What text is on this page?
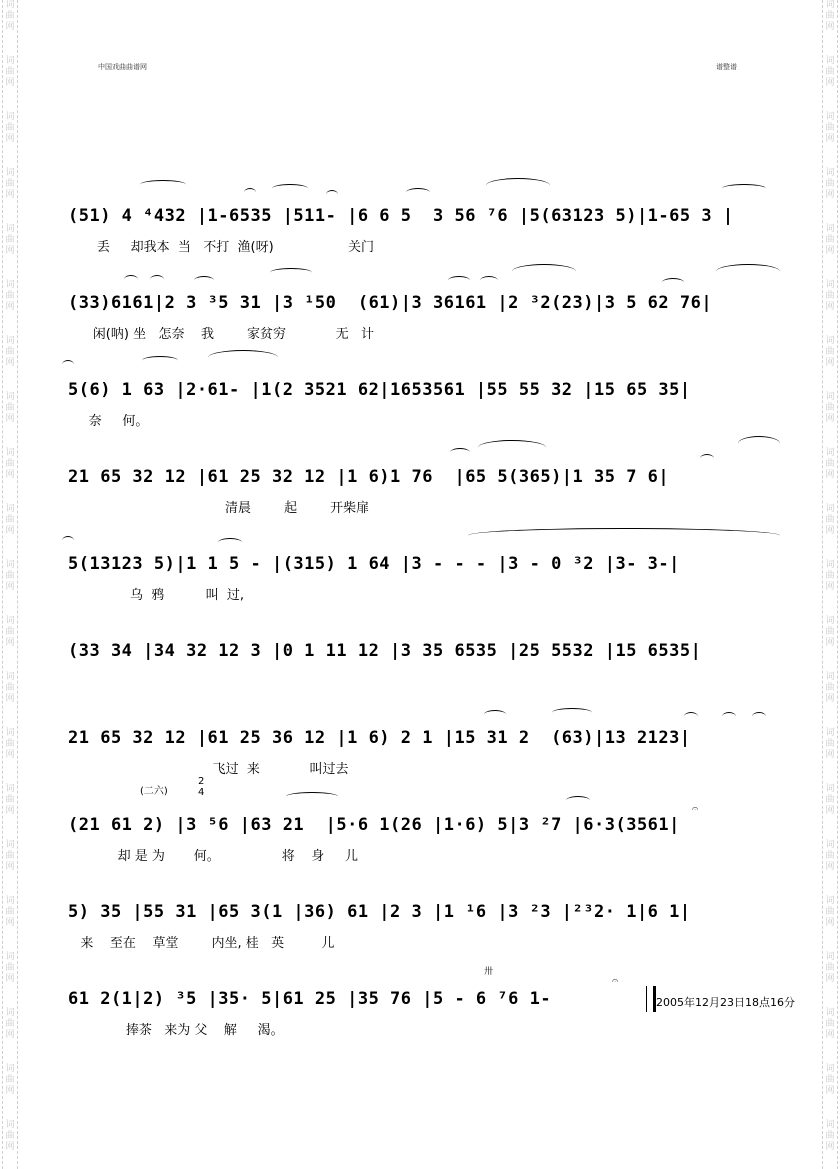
词
曲
网
词
曲
网
词
曲
网
词
曲
网
词
曲
网
词
曲
网
词
曲
网
词
曲
网
词
曲
网
词
曲
网
词
曲
网
词
曲
网
词
曲
网
词
曲
网
词
曲
网
词
曲
网
词
曲
网
词
曲
网
词
曲
网
词
曲
网
词
曲
网
词
曲
网
词
曲
网
词
曲
网
词
曲
网
词
曲
网
词
曲
网
词
曲
网
词
曲
网
词
曲
网
词
曲
网
词
曲
网
词
曲
网
词
曲
网
词
曲
网
词
曲
网
词
曲
网
词
曲
网
词
曲
网
词
曲
网
词
曲
网
词
曲
网
中国戏曲曲谱网	谱整谱
(51) 4 ⁴432 |1-6535 |511- |6 6 5  3 56 ⁷6 |5(63123 5)|1-65 3 |
丢     却我本  当   不打  渔(呀)                  关门
(33)6161|2 3 ³5 31 |3 ¹50  (61)|3 36161 |2 ³2(23)|3 5 62 76|
闲(呐) 坐   怎奈    我        家贫穷            无   计
5(6) 1 63 |2·61- |1(2 3521 62|1653561 |55 55 32 |15 65 35|
奈     何。
21 65 32 12 |61 25 32 12 |1 6)1 76  |65 5(365)|1 35 7 6|
清晨        起        开柴扉
5(13123 5)|1 1 5 - |(315) 1 64 |3 - - - |3 - 0 ³2 |3- 3-|
乌  鸦          叫  过,
(33 34 |34 32 12 3 |0 1 11 12 |3 35 6535 |25 5532 |15 6535|
21 65 32 12 |61 25 36 12 |1 6) 2 1 |15 31 2  (63)|13 2123|
飞过  来            叫过去
(21 61 2) |3 ⁵6 |63 21  |5·6 1(26 |1·6) 5|3 ²7 |6·3(3561|
却 是 为       何。               将    身     儿
5) 35 |55 31 |65 3(1 |36) 61 |2 3 |1 ¹6 |3 ²3 |²³2· 1|6 1|
来    至在    草堂        内坐, 桂   英         儿
61 2(1|2) ³5 |35· 5|61 25 |35 76 |5 - 6 ⁷6 1-
捧茶   来为 父    解     渴。
(二六)
2
4
𝄐
𝄐
卅
2005年12月23日18点16分
